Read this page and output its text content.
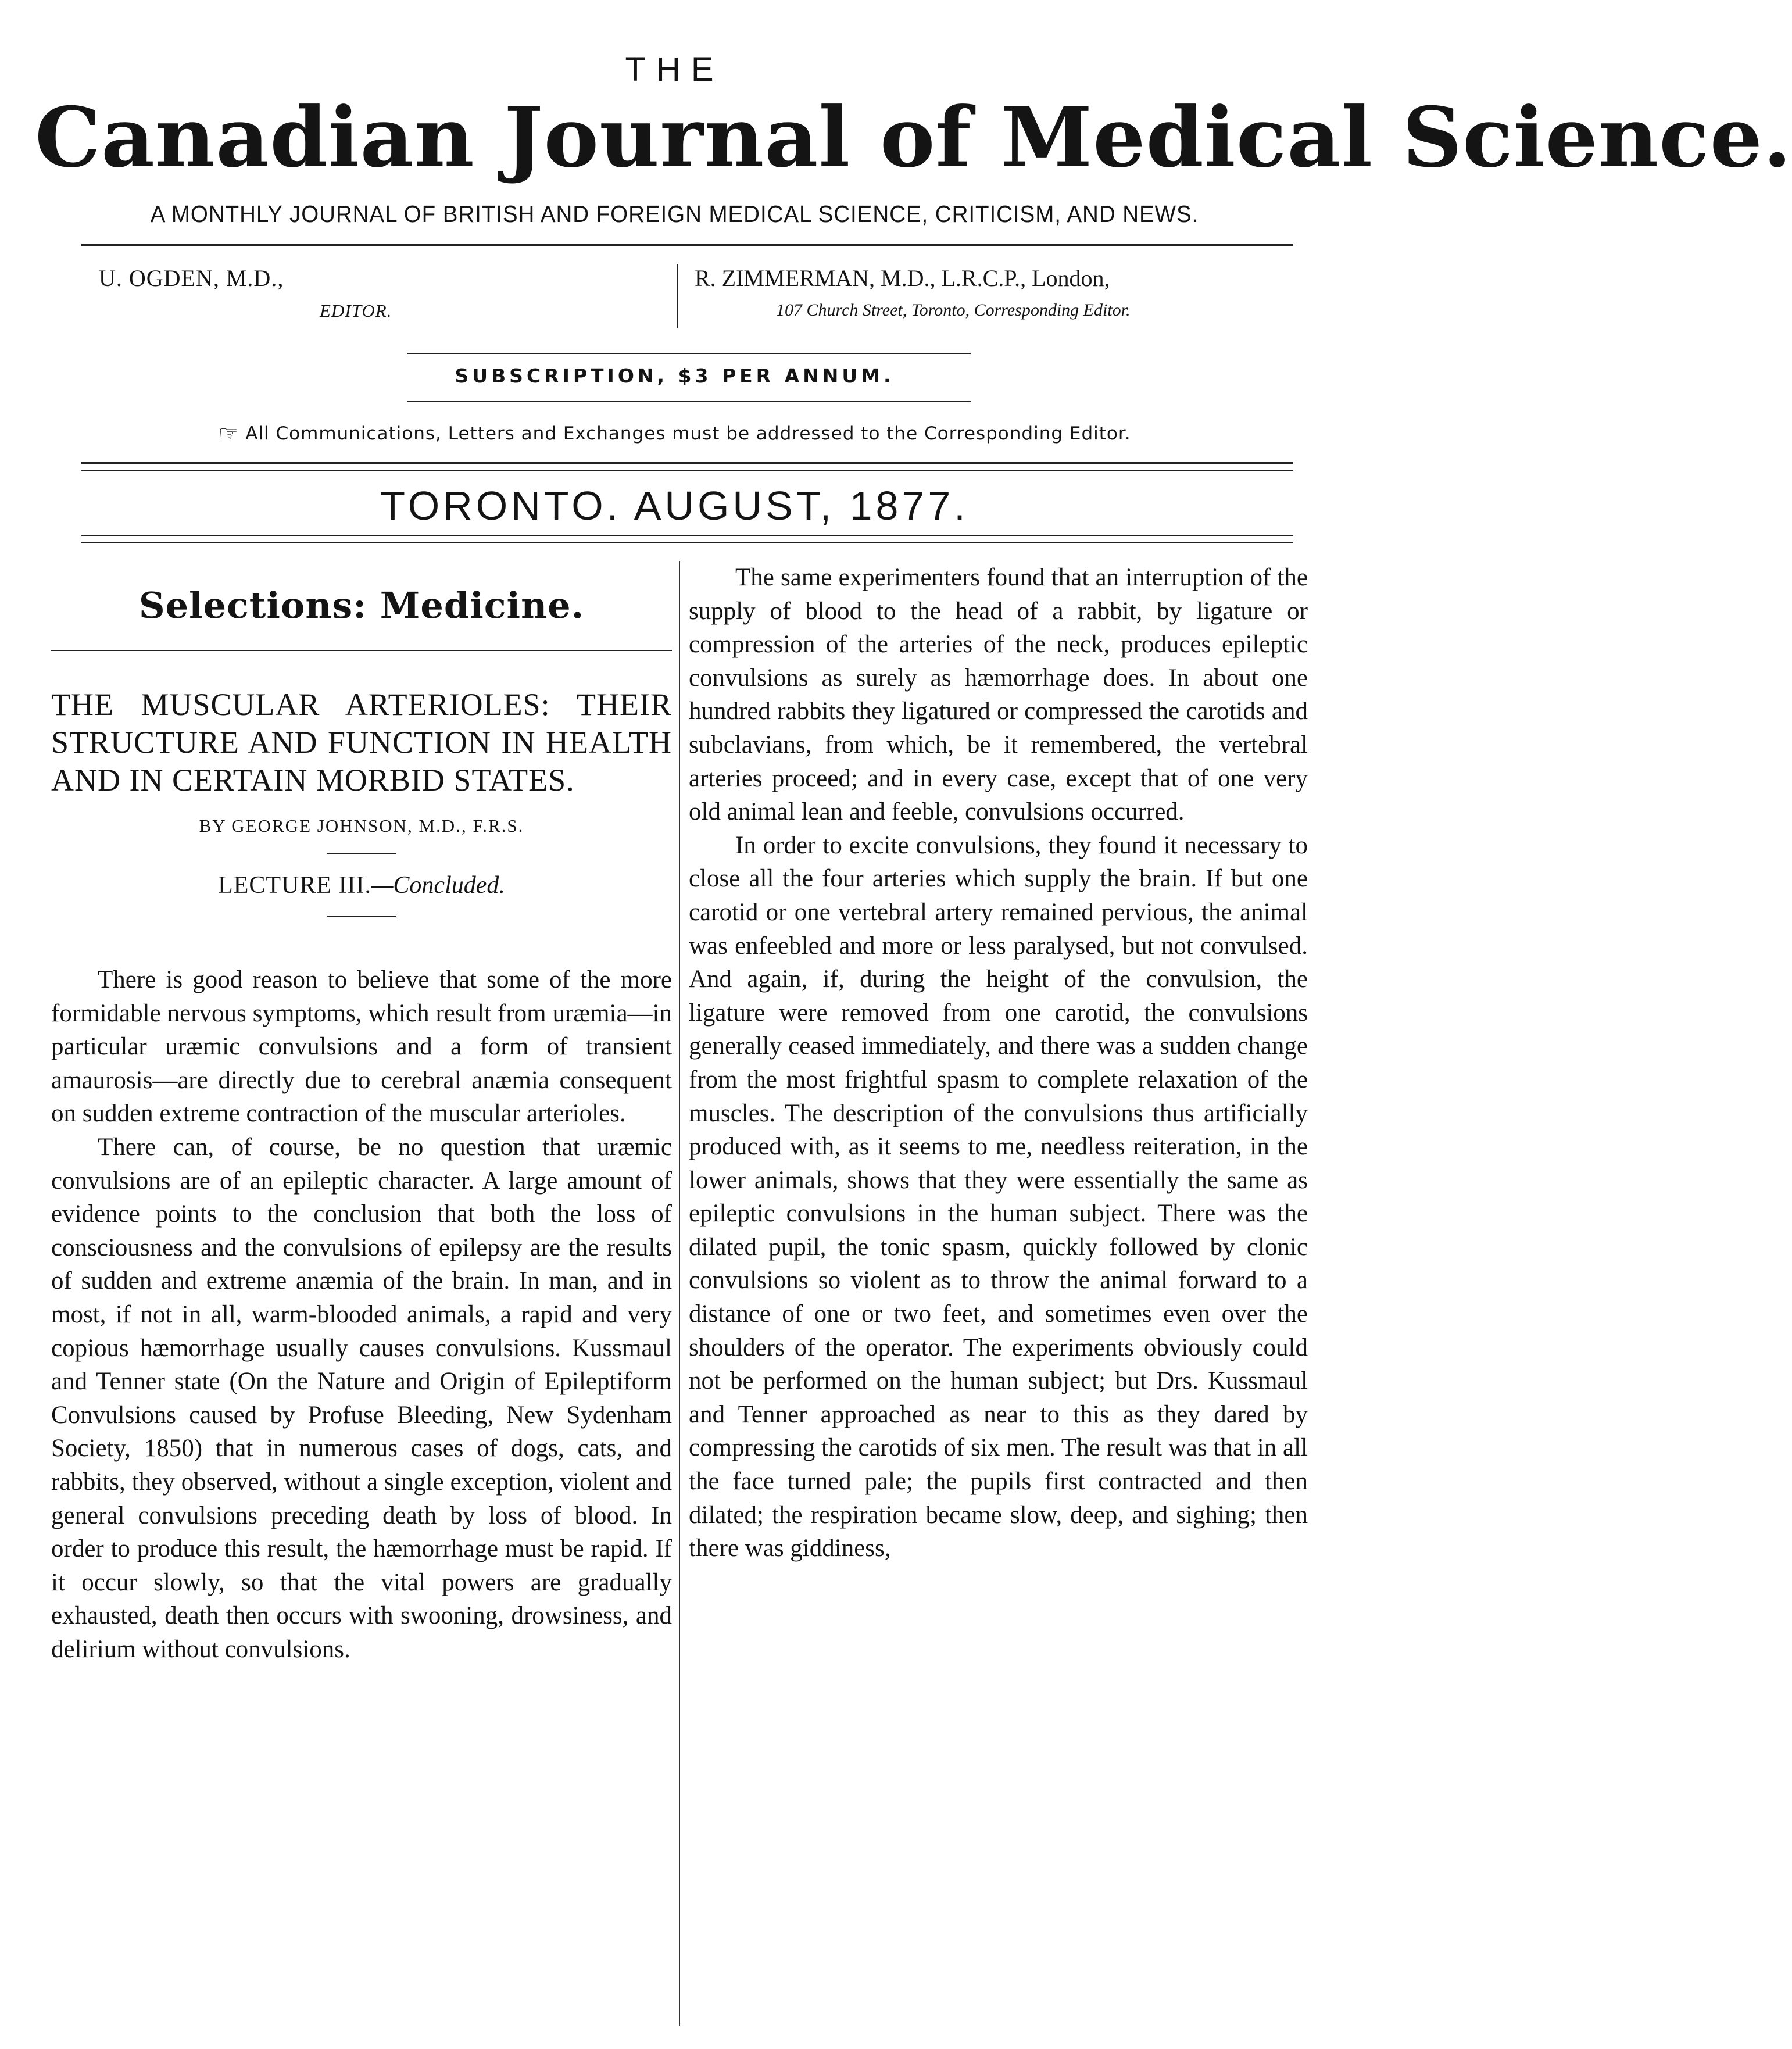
THE
Canadian Journal of Medical Science.
A MONTHLY JOURNAL OF BRITISH AND FOREIGN MEDICAL SCIENCE, CRITICISM, AND NEWS.
U. OGDEN, M.D.,
EDITOR.
R. ZIMMERMAN, M.D., L.R.C.P., London,
107 Church Street, Toronto, Corresponding Editor.
SUBSCRIPTION, $3 PER ANNUM.
☞ All Communications, Letters and Exchanges must be addressed to the Corresponding Editor.
TORONTO. AUGUST, 1877.
Selections: Medicine.
THE MUSCULAR ARTERIOLES: THEIR STRUCTURE AND FUNCTION IN HEALTH AND IN CERTAIN MORBID STATES.
BY GEORGE JOHNSON, M.D., F.R.S.
LECTURE III.—Concluded.

There is good reason to believe that some of the more formidable nervous symptoms, which result from uræmia—in particular uræmic convulsions and a form of transient amaurosis—are directly due to cerebral anæmia consequent on sudden extreme contraction of the muscular arterioles.

There can, of course, be no question that uræmic convulsions are of an epileptic character. A large amount of evidence points to the conclusion that both the loss of consciousness and the convulsions of epilepsy are the results of sudden and extreme anæmia of the brain. In man, and in most, if not in all, warm-blooded animals, a rapid and very copious hæmorrhage usually causes convulsions. Kussmaul and Tenner state (On the Nature and Origin of Epileptiform Convulsions caused by Profuse Bleeding, New Sydenham Society, 1850) that in numerous cases of dogs, cats, and rabbits, they observed, without a single exception, violent and general convulsions preceding death by loss of blood. In order to produce this result, the hæmorrhage must be rapid. If it occur slowly, so that the vital powers are gradually exhausted, death then occurs with swooning, drowsiness, and delirium without convulsions.

The same experimenters found that an interruption of the supply of blood to the head of a rabbit, by ligature or compression of the arteries of the neck, produces epileptic convulsions as surely as hæmorrhage does. In about one hundred rabbits they ligatured or compressed the carotids and subclavians, from which, be it remembered, the vertebral arteries proceed; and in every case, except that of one very old animal lean and feeble, convulsions occurred.

In order to excite convulsions, they found it necessary to close all the four arteries which supply the brain. If but one carotid or one vertebral artery remained pervious, the animal was enfeebled and more or less paralysed, but not convulsed. And again, if, during the height of the convulsion, the ligature were removed from one carotid, the convulsions generally ceased immediately, and there was a sudden change from the most frightful spasm to complete relaxation of the muscles. The description of the convulsions thus artificially produced with, as it seems to me, needless reiteration, in the lower animals, shows that they were essentially the same as epileptic convulsions in the human subject. There was the dilated pupil, the tonic spasm, quickly followed by clonic convulsions so violent as to throw the animal forward to a distance of one or two feet, and sometimes even over the shoulders of the operator. The experiments obviously could not be performed on the human subject; but Drs. Kussmaul and Tenner approached as near to this as they dared by compressing the carotids of six men. The result was that in all the face turned pale; the pupils first contracted and then dilated; the respiration became slow, deep, and sighing; then there was giddiness,
